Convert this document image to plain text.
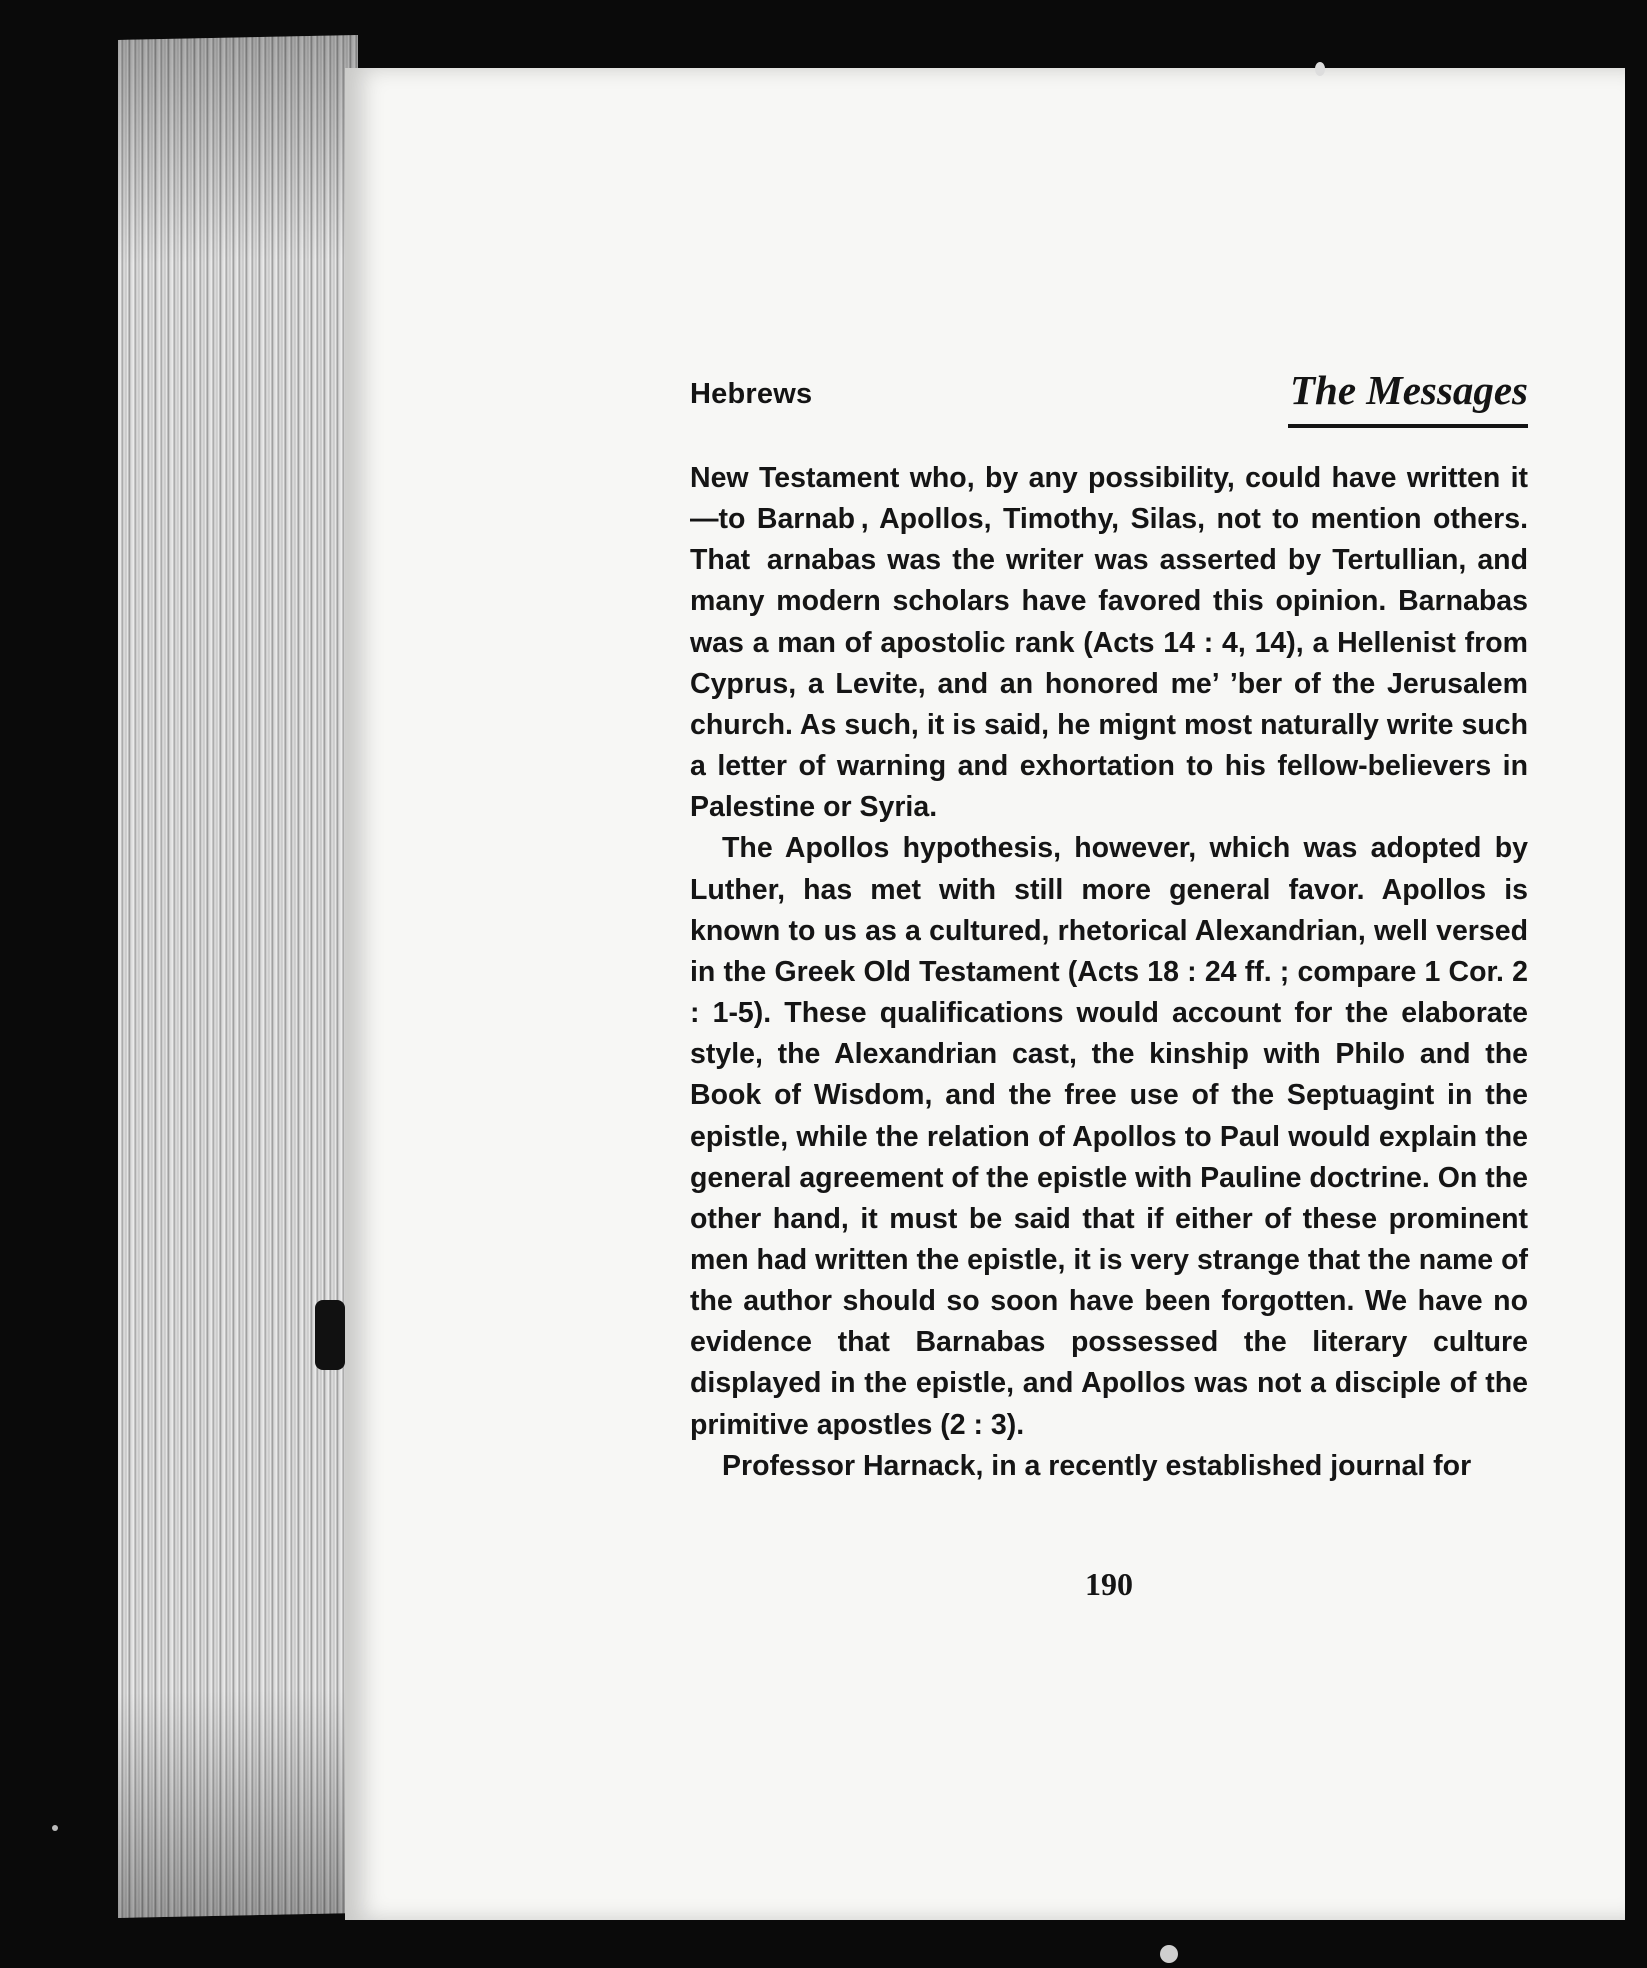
Hebrews	The Messages

New Testament who, by any possibility, could have written it—to Barnab , Apollos, Timothy, Silas, not to mention others. That  arnabas was the writer was asserted by Tertullian, and many modern scholars have favored this opinion. Barnabas was a man of apostolic rank (Acts 14 : 4, 14), a Hellenist from Cyprus, a Levite, and an honored me’ ’ber of the Jerusalem church. As such, it is said, he mignt most naturally write such a letter of warning and exhortation to his fellow-believers in Palestine or Syria.

The Apollos hypothesis, however, which was adopted by Luther, has met with still more general favor. Apollos is known to us as a cultured, rhetorical Alexandrian, well versed in the Greek Old Testament (Acts 18 : 24 ff. ; compare 1 Cor. 2 : 1-5). These qualifications would account for the elaborate style, the Alexandrian cast, the kinship with Philo and the Book of Wisdom, and the free use of the Septuagint in the epistle, while the relation of Apollos to Paul would explain the general agreement of the epistle with Pauline doctrine. On the other hand, it must be said that if either of these prominent men had written the epistle, it is very strange that the name of the author should so soon have been forgotten. We have no evidence that Barnabas possessed the literary culture displayed in the epistle, and Apollos was not a disciple of the primitive apostles (2 : 3).

Professor Harnack, in a recently established journal for

190
